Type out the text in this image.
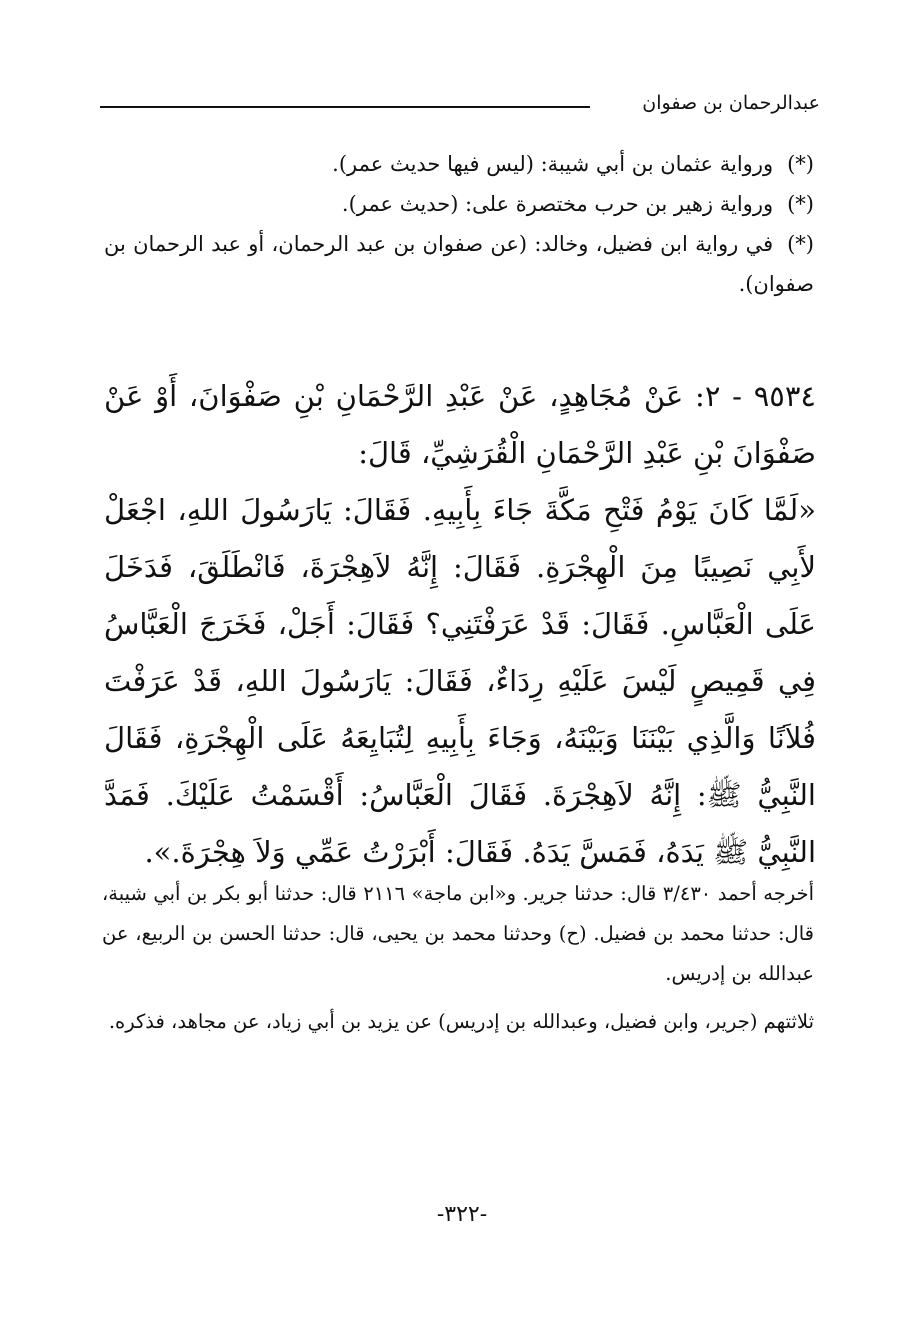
عبدالرحمان بن صفوان

(*)ورواية عثمان بن أبي شيبة: (ليس فيها حديث عمر).

(*)ورواية زهير بن حرب مختصرة على: (حديث عمر).

(*)في رواية ابن فضيل، وخالد: (عن صفوان بن عبد الرحمان، أو عبد الرحمان بن صفوان).

٩٥٣٤ - ٢: عَنْ مُجَاهِدٍ، عَنْ عَبْدِ الرَّحْمَانِ بْنِ صَفْوَانَ، أَوْ عَنْ صَفْوَانَ بْنِ عَبْدِ الرَّحْمَانِ الْقُرَشِيِّ، قَالَ:

«لَمَّا كَانَ يَوْمُ فَتْحِ مَكَّةَ جَاءَ بِأَبِيهِ. فَقَالَ: يَارَسُولَ اللهِ، اجْعَلْ لأَبِي نَصِيبًا مِنَ الْهِجْرَةِ. فَقَالَ: إِنَّهُ لاَهِجْرَةَ، فَانْطَلَقَ، فَدَخَلَ عَلَى الْعَبَّاسِ. فَقَالَ: قَدْ عَرَفْتَنِي؟ فَقَالَ: أَجَلْ، فَخَرَجَ الْعَبَّاسُ فِي قَمِيصٍ لَيْسَ عَلَيْهِ رِدَاءٌ، فَقَالَ: يَارَسُولَ اللهِ، قَدْ عَرَفْتَ فُلاَنًا وَالَّذِي بَيْنَنَا وَبَيْنَهُ، وَجَاءَ بِأَبِيهِ لِتُبَايِعَهُ عَلَى الْهِجْرَةِ، فَقَالَ النَّبِيُّ ﷺ: إِنَّهُ لاَهِجْرَةَ. فَقَالَ الْعَبَّاسُ: أَقْسَمْتُ عَلَيْكَ. فَمَدَّ النَّبِيُّ ﷺ يَدَهُ، فَمَسَّ يَدَهُ. فَقَالَ: أَبْرَرْتُ عَمِّي وَلاَ هِجْرَةَ.».

أخرجه أحمد ٣/٤٣٠ قال: حدثنا جرير. و«ابن ماجة» ٢١١٦ قال: حدثنا أبو بكر بن أبي شيبة، قال: حدثنا محمد بن فضيل. (ح) وحدثنا محمد بن يحيى، قال: حدثنا الحسن بن الربيع، عن عبدالله بن إدريس.

ثلاثتهم (جرير، وابن فضيل، وعبدالله بن إدريس) عن يزيد بن أبي زياد، عن مجاهد، فذكره.

-٣٢٢-
